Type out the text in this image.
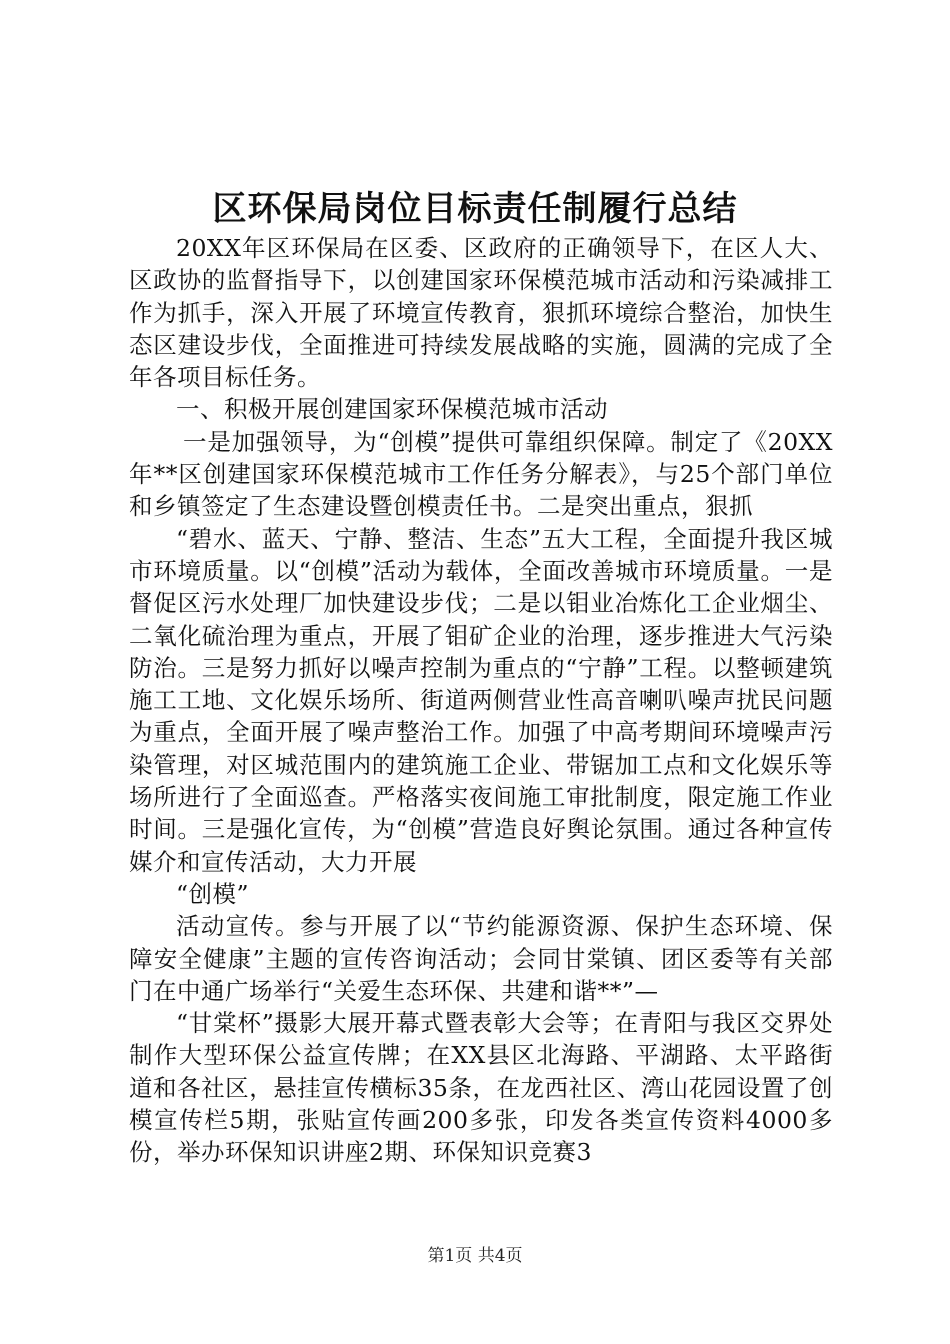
区环保局岗位目标责任制履行总结

20XX年区环保局在区委、区政府的正确领导下，在区人大、区政协的监督指导下，以创建国家环保模范城市活动和污染减排工作为抓手，深入开展了环境宣传教育，狠抓环境综合整治，加快生态区建设步伐，全面推进可持续发展战略的实施，圆满的完成了全年各项目标任务。

一、积极开展创建国家环保模范城市活动

一是加强领导，为“创模”提供可靠组织保障。制定了《20XX年**区创建国家环保模范城市工作任务分解表》，与25个部门单位和乡镇签定了生态建设暨创模责任书。二是突出重点，狠抓

“碧水、蓝天、宁静、整洁、生态”五大工程，全面提升我区城市环境质量。以“创模”活动为载体，全面改善城市环境质量。一是督促区污水处理厂加快建设步伐；二是以钼业冶炼化工企业烟尘、二氧化硫治理为重点，开展了钼矿企业的治理，逐步推进大气污染防治。三是努力抓好以噪声控制为重点的“宁静”工程。以整顿建筑施工工地、文化娱乐场所、街道两侧营业性高音喇叭噪声扰民问题为重点，全面开展了噪声整治工作。加强了中高考期间环境噪声污染管理，对区城范围内的建筑施工企业、带锯加工点和文化娱乐等场所进行了全面巡查。严格落实夜间施工审批制度，限定施工作业时间。三是强化宣传，为“创模”营造良好舆论氛围。通过各种宣传媒介和宣传活动，大力开展

“创模”

活动宣传。参与开展了以“节约能源资源、保护生态环境、保障安全健康”主题的宣传咨询活动；会同甘棠镇、团区委等有关部门在中通广场举行“关爱生态环保、共建和谐**”—

“甘棠杯”摄影大展开幕式暨表彰大会等；在青阳与我区交界处制作大型环保公益宣传牌；在XX县区北海路、平湖路、太平路街道和各社区，悬挂宣传横标35条，在龙西社区、湾山花园设置了创模宣传栏5期，张贴宣传画200多张，印发各类宣传资料4000多份，举办环保知识讲座2期、环保知识竞赛3

第1页 共4页
